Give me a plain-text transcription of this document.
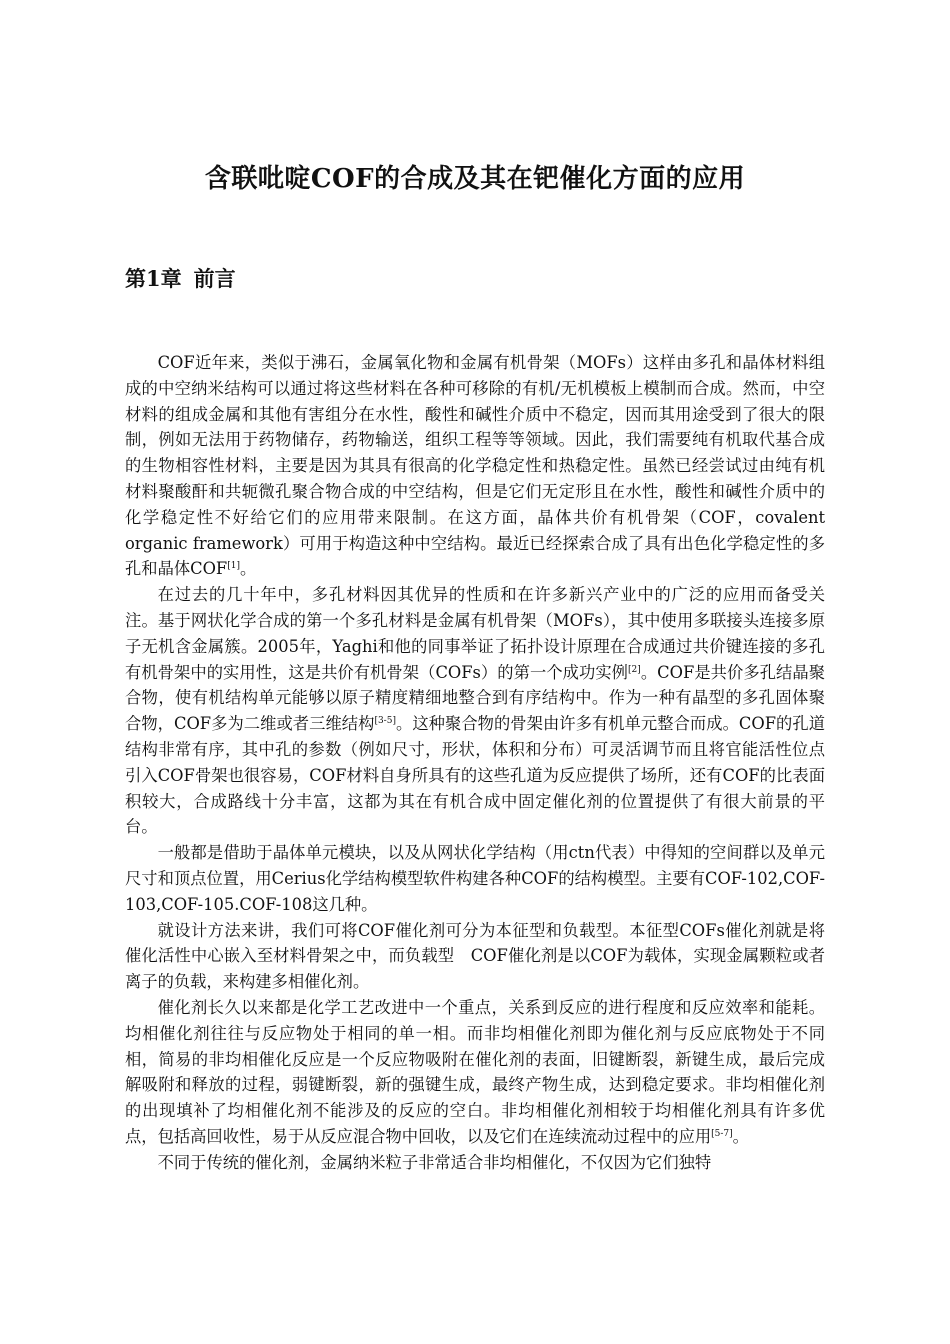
含联吡啶COF的合成及其在钯催化方面的应用
第1章 前言

COF近年来，类似于沸石，金属氧化物和金属有机骨架（MOFs）这样由多孔和晶体材料组成的中空纳米结构可以通过将这些材料在各种可移除的有机/无机模板上模制而合成。然而，中空材料的组成金属和其他有害组分在水性，酸性和碱性介质中不稳定，因而其用途受到了很大的限制，例如无法用于药物储存，药物输送，组织工程等等领域。因此，我们需要纯有机取代基合成的生物相容性材料，主要是因为其具有很高的化学稳定性和热稳定性。虽然已经尝试过由纯有机材料聚酸酐和共轭微孔聚合物合成的中空结构，但是它们无定形且在水性，酸性和碱性介质中的化学稳定性不好给它们的应用带来限制。在这方面，晶体共价有机骨架（COF，covalent organic framework）可用于构造这种中空结构。最近已经探索合成了具有出色化学稳定性的多孔和晶体COF[1]。

在过去的几十年中，多孔材料因其优异的性质和在许多新兴产业中的广泛的应用而备受关注。基于网状化学合成的第一个多孔材料是金属有机骨架（MOFs），其中使用多联接头连接多原子无机含金属簇。2005年，Yaghi和他的同事举证了拓扑设计原理在合成通过共价键连接的多孔有机骨架中的实用性，这是共价有机骨架（COFs）的第一个成功实例[2]。COF是共价多孔结晶聚合物，使有机结构单元能够以原子精度精细地整合到有序结构中。作为一种有晶型的多孔固体聚合物，COF多为二维或者三维结构[3-5]。这种聚合物的骨架由许多有机单元整合而成。COF的孔道结构非常有序，其中孔的参数（例如尺寸，形状，体积和分布）可灵活调节而且将官能活性位点引入COF骨架也很容易，COF材料自身所具有的这些孔道为反应提供了场所，还有COF的比表面积较大，合成路线十分丰富，这都为其在有机合成中固定催化剂的位置提供了有很大前景的平台。

一般都是借助于晶体单元模块，以及从网状化学结构（用ctn代表）中得知的空间群以及单元尺寸和顶点位置，用Cerius化学结构模型软件构建各种COF的结构模型。主要有COF-102,COF-103,COF-105.COF-108这几种。

就设计方法来讲，我们可将COF催化剂可分为本征型和负载型。本征型COFs催化剂就是将催化活性中心嵌入至材料骨架之中，而负载型　COF催化剂是以COF为载体，实现金属颗粒或者离子的负载，来构建多相催化剂。

催化剂长久以来都是化学工艺改进中一个重点，关系到反应的进行程度和反应效率和能耗。均相催化剂往往与反应物处于相同的单一相。而非均相催化剂即为催化剂与反应底物处于不同相，简易的非均相催化反应是一个反应物吸附在催化剂的表面，旧键断裂，新键生成，最后完成解吸附和释放的过程，弱键断裂，新的强键生成，最终产物生成，达到稳定要求。非均相催化剂的出现填补了均相催化剂不能涉及的反应的空白。非均相催化剂相较于均相催化剂具有许多优点，包括高回收性，易于从反应混合物中回收，以及它们在连续流动过程中的应用[5-7]。

不同于传统的催化剂，金属纳米粒子非常适合非均相催化，不仅因为它们独特
